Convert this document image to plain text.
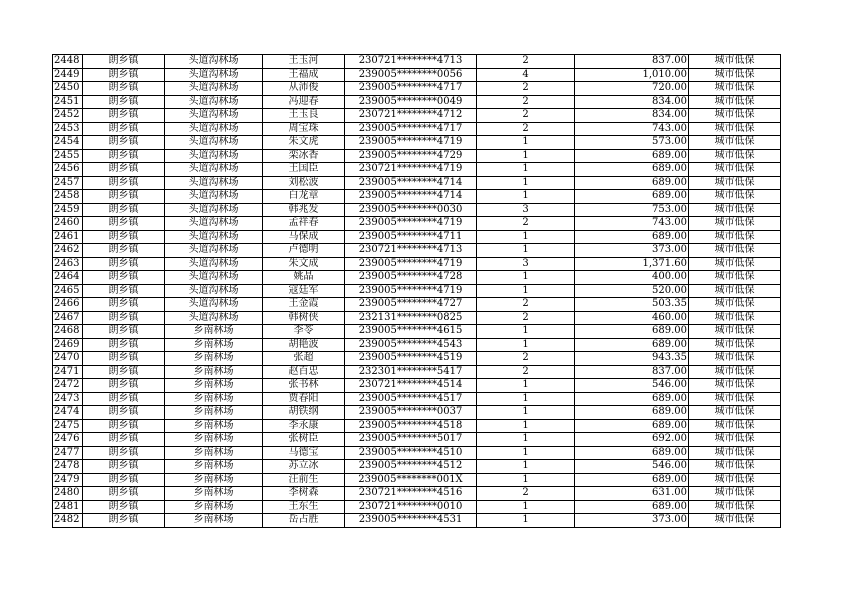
2448	朗乡镇	头道沟林场	王玉河	230721********4713	2	837.00	城市低保
2449	朗乡镇	头道沟林场	王福成	239005********0056	4	1,010.00	城市低保
2450	朗乡镇	头道沟林场	从沛俊	239005********4717	2	720.00	城市低保
2451	朗乡镇	头道沟林场	冯迎春	239005********0049	2	834.00	城市低保
2452	朗乡镇	头道沟林场	王玉良	230721********4712	2	834.00	城市低保
2453	朗乡镇	头道沟林场	周宝珠	239005********4717	2	743.00	城市低保
2454	朗乡镇	头道沟林场	朱文虎	239005********4719	1	573.00	城市低保
2455	朗乡镇	头道沟林场	栾冰香	239005********4729	1	689.00	城市低保
2456	朗乡镇	头道沟林场	王国臣	230721********4719	1	689.00	城市低保
2457	朗乡镇	头道沟林场	刘松波	239005********4714	1	689.00	城市低保
2458	朗乡镇	头道沟林场	白龙章	239005********4714	1	689.00	城市低保
2459	朗乡镇	头道沟林场	韩兆发	239005********0030	3	753.00	城市低保
2460	朗乡镇	头道沟林场	孟祥春	239005********4719	2	743.00	城市低保
2461	朗乡镇	头道沟林场	马保成	239005********4711	1	689.00	城市低保
2462	朗乡镇	头道沟林场	卢德明	230721********4713	1	373.00	城市低保
2463	朗乡镇	头道沟林场	朱文成	239005********4719	3	1,371.60	城市低保
2464	朗乡镇	头道沟林场	姚晶	239005********4728	1	400.00	城市低保
2465	朗乡镇	头道沟林场	寇廷军	239005********4719	1	520.00	城市低保
2466	朗乡镇	头道沟林场	王金霞	239005********4727	2	503.35	城市低保
2467	朗乡镇	头道沟林场	韩树侠	232131********0825	2	460.00	城市低保
2468	朗乡镇	乡南林场	李苓	239005********4615	1	689.00	城市低保
2469	朗乡镇	乡南林场	胡艳波	239005********4543	1	689.00	城市低保
2470	朗乡镇	乡南林场	张超	239005********4519	2	943.35	城市低保
2471	朗乡镇	乡南林场	赵百忠	232301********5417	2	837.00	城市低保
2472	朗乡镇	乡南林场	张书林	230721********4514	1	546.00	城市低保
2473	朗乡镇	乡南林场	贾春阳	239005********4517	1	689.00	城市低保
2474	朗乡镇	乡南林场	胡铁纲	239005********0037	1	689.00	城市低保
2475	朗乡镇	乡南林场	李永康	239005********4518	1	689.00	城市低保
2476	朗乡镇	乡南林场	张树臣	239005********5017	1	692.00	城市低保
2477	朗乡镇	乡南林场	马德宝	239005********4510	1	689.00	城市低保
2478	朗乡镇	乡南林场	苏立冰	239005********4512	1	546.00	城市低保
2479	朗乡镇	乡南林场	汪前生	239005********001X	1	689.00	城市低保
2480	朗乡镇	乡南林场	李树森	230721********4516	2	631.00	城市低保
2481	朗乡镇	乡南林场	王东生	230721********0010	1	689.00	城市低保
2482	朗乡镇	乡南林场	岳占胜	239005********4531	1	373.00	城市低保
